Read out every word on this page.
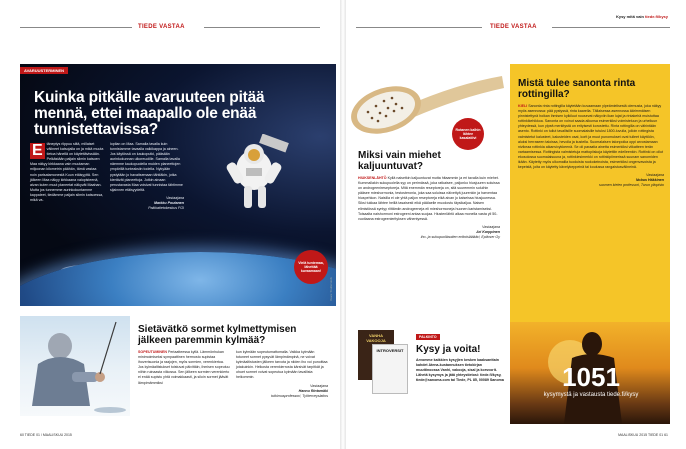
TIEDE VASTAA
AVARUUSTERMINEN
Kuinka pitkälle avaruuteen pitää mennä, ettei maapallo ole enää tunnistettavissa?
E	täneptys riippuu siitä, millaiset välineet katsojalla on ja mikä muuta tietoa hänellä on käytettävissään. Pelkästään paljain silmin katsoen Maa näkyy kirkkaana vain muutaman miljoonan kilometrin päähän, tämä vastaa noin parisatamonestä Kuun etäisyyttä. Sen jälkeen Maa näkyy kirkkaana valopisteenä, aivan kuten muut planeetat näkyvät Maahan. Mutta jos tunnemme aurinkokuntamme kappaleet, tiedämme paljain silmin katsoessa, mikä va-
lopilan on Maa. Samalla tavalla kuin tunnistamme tavaalla valkikappa ja aineen. Jos käytössä on kaukoputki, pääsään aurinkokunnan ulkoreuolille. Samalla tavalla näemme kaukopuolella muiden planeettojen ympärillä tunteaksiin todella. Nykyään pystytään jo havaitsemaan tähtiäkin, jotka kiertävät planeettoja. Jotkin ainaan perustavasta Maa voisivat tunnistaa tähtimme sijainnen etäisyydeltä.
Vastaajana
Markku Poutanen
Paikkatietokeskus FGI
Vielä tuntemaa, lähettää kuvaamaan!
Kuva: Shutterstock
Sietävätkö sormet kylmettymisen jälkeen paremmin kylmää?
SOPEUTUMINEN Periaatteessa kyllä. Lämmönhukan minimoimiseksi sympaattinen hermosto supistaa ihoverisuonia ja raajojen, myös sormien, verenkiertoa. Jos kylmäaltistukset toistuvat päivittäin, ihmisen sopeutuu niihin ruinaasta viikossa. Sen jälkeen sormien verenkierto ei enää supistu yhtä voimakkaasti, ja siloin sormet jäävät lämpimämmiksi
kun kylmään sopeutumattomalla. Vaikka kylmään totuneet sormet pysyvät lämpimämpinä, ne voivat kylmäaltistusten jälkeen tarvota ja niiden iho voi punoittaa jotakuinkin. Heikosta verenkierrosta kärsivät tarpitkät ja ohuet sormet voivat sopeutua kylmään tavallista heikommin.
Vastaajana
Hannu Rintamäki
tutkimusprofessori, Työterveyslaitos
60 TIEDE 01 / MAALISKUU 2015
Kysy mitä vain tiede.fi/kysy
TIEDE VASTAA
Rotanen kalhin lähtee kasalatiivi
Miksi vain miehet kaljuuntuvat?
HIUKSENLÄHTÖ Kyllä naisetkin kaljuuntuvat mutta hitaammin ja eri tavalla kuin miehet. Kummallakin sukupuolella syy on perimässä, joka ratkaisee, paljonko hiusjuuren soluissa on androgeenireseptoreja. Mitä enemmän reseptoreja on, sitä suuremmin soluihin pääsee mieshormonia, testosteronia, joka saa soluissa näivettyä juurenkin ja harventaa hiuspehkon. Naisilla ei ole yhtä paljon reseptoreja eikä aivan jo kaiseissa hiusjuuressa. Siksi tukkaa lähtee heillä tasaisesti eikä päälaelle muodostu täysikaljua. Naisen elimistössä syntyy riittämiin androgeeneja eli mieshormoneja huonen karistamiseksi. Toisaalta naishormoni estrogeeni antaa suojaa. Hiustenlähtö alkaa monella vasta yli 50-vuotiaana estrogeenierityksen vähentyessä.
Vastaajana
Ari Karppinen
iho- ja sukupuolitautien erikoislääkäri, Epiloser Oy
Mistä tulee sanonta rinta rottingilla?
KIELI Sanonta rinta rottingilla käytetään kuvaamaan ylpeämielisestä olemusta, joka näkyy myös asennossa: pää pystyssä, rinta kaarella. Tällaisessa asennossa äärimmäisen pinnistettynä hoikan ihmisen kylkiluut nousevat näkyviin ikan lujat ja rintakehä muistuttaa rottinkikehikkoa. Sanonta on voinut saada alkunsa esimerkiksi voimisteluun ja urheiluun yhteydessä, kun ylpeä merkitystä on erityisesti korostettu. Rinta rottingilla on vähintään asento. Rottinki on tullut tavallisille suomalaisille tutuksi 1800-luvulla, jolloin rottingista valmistetut kalusteet, kalusteiden osat, korit ja muut punomukset ovat tulleet käyttöön, aluksi herraseen taloissa, hevolla ja kustella. Suomalaisen talonpoika oppi arvostamaan nivikeaa rottinkia aikanvivykkeenä. Se oli paraatia ainetta esimerkiksi viikatteen terän vartaamisessa. Rottingista valmistetuja mattopiiskoja käytettiin edelleenkin. Rottinki on ollut ekosolossa suomalaisuuna ja, rottinkiesimerkki on rottinkipiimerissä suunam sanomiden ikään. Käytetty myös ulkomailla tuoduista ruokokeinoista, esimerkiksi ongenvavoista ja kepeistä, joita on käytetty kävelykeppeinä tai koulussa rangaistusvälineinä.
Vastaajana
Nobus Häkkinen
suomen kielen professori, Turun yliopisto
1051
kysymystä ja vastausta tiede.fi/kysy
VANHA VAKOOJA
INTROVERSIT
PALKINTO
Kysy ja voita!
Arvomme kaikkien kysyjien kesken kaaksanttain kahdet Atena-kustannuksen tietokirjan muuttinoossa Vanhi, vakooja, sisal ja korsvorit. Lähetä kysymys ja jätä yhteystietosi: tiede.fi/kysy, tiede@sanoma.com tai Tiede, PL 85, 00089 Sanoma
MAALISKUU 2015 TIEDE 01 61
